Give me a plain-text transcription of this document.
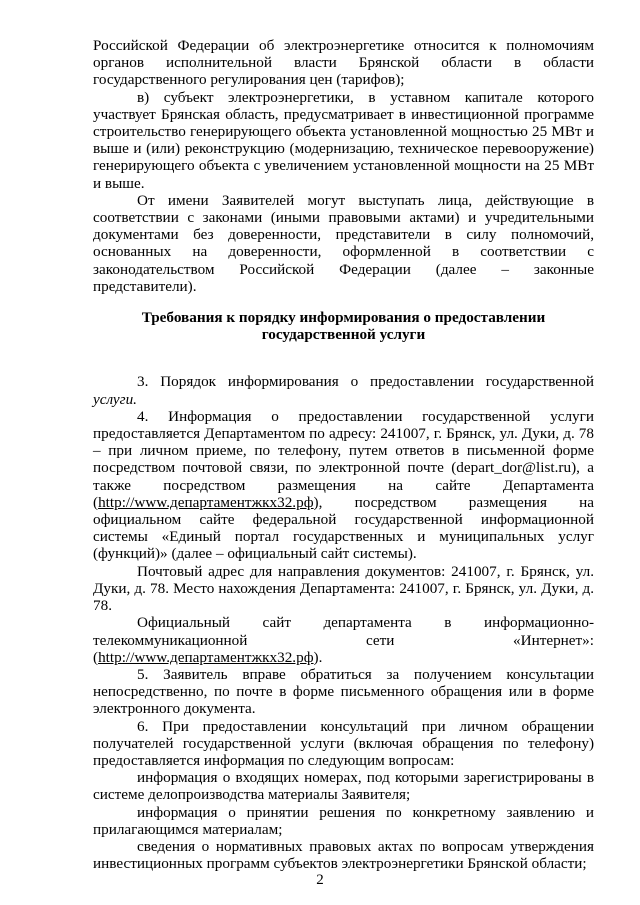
Российской Федерации об электроэнергетике относится к полномочиям органов исполнительной власти Брянской области в области государственного регулирования цен (тарифов);

в) субъект электроэнергетики, в уставном капитале которого участвует Брянская область, предусматривает в инвестиционной программе строительство генерирующего объекта установленной мощностью 25 МВт и выше и (или) реконструкцию (модернизацию, техническое перевооружение) генерирующего объекта с увеличением установленной мощности на 25 МВт и выше.

От имени Заявителей могут выступать лица, действующие в соответствии с законами (иными правовыми актами) и учредительными документами без доверенности, представители в силу полномочий, основанных на доверенности, оформленной в соответствии с законодательством Российской Федерации (далее – законные представители).

Требования к порядку информирования о предоставлении

государственной услуги

3. Порядок информирования о предоставлении государственной услуги.

4. Информация о предоставлении государственной услуги предоставляется Департаментом по адресу: 241007, г. Брянск, ул. Дуки, д. 78 – при личном приеме, по телефону, путем ответов в письменной форме посредством почтовой связи, по электронной почте (depart_dor@list.ru), а также посредством размещения на сайте Департамента (http://www.департаментжкх32.рф), посредством размещения на официальном сайте федеральной государственной информационной системы «Единый портал государственных и муниципальных услуг (функций)» (далее – официальный сайт системы).

Почтовый адрес для направления документов: 241007, г. Брянск, ул. Дуки, д. 78. Место нахождения Департамента: 241007, г. Брянск, ул. Дуки, д. 78.

Официальный сайт департамента в информационно-телекоммуникационной сети «Интернет»: (http://www.департаментжкх32.рф).

5. Заявитель вправе обратиться за получением консультации непосредственно, по почте в форме письменного обращения или в форме электронного документа.

6. При предоставлении консультаций при личном обращении получателей государственной услуги (включая обращения по телефону) предоставляется информация по следующим вопросам:

информация о входящих номерах, под которыми зарегистрированы в системе делопроизводства материалы Заявителя;

информация о принятии решения по конкретному заявлению и прилагающимся материалам;

сведения о нормативных правовых актах по вопросам утверждения инвестиционных программ субъектов электроэнергетики Брянской области;

2
